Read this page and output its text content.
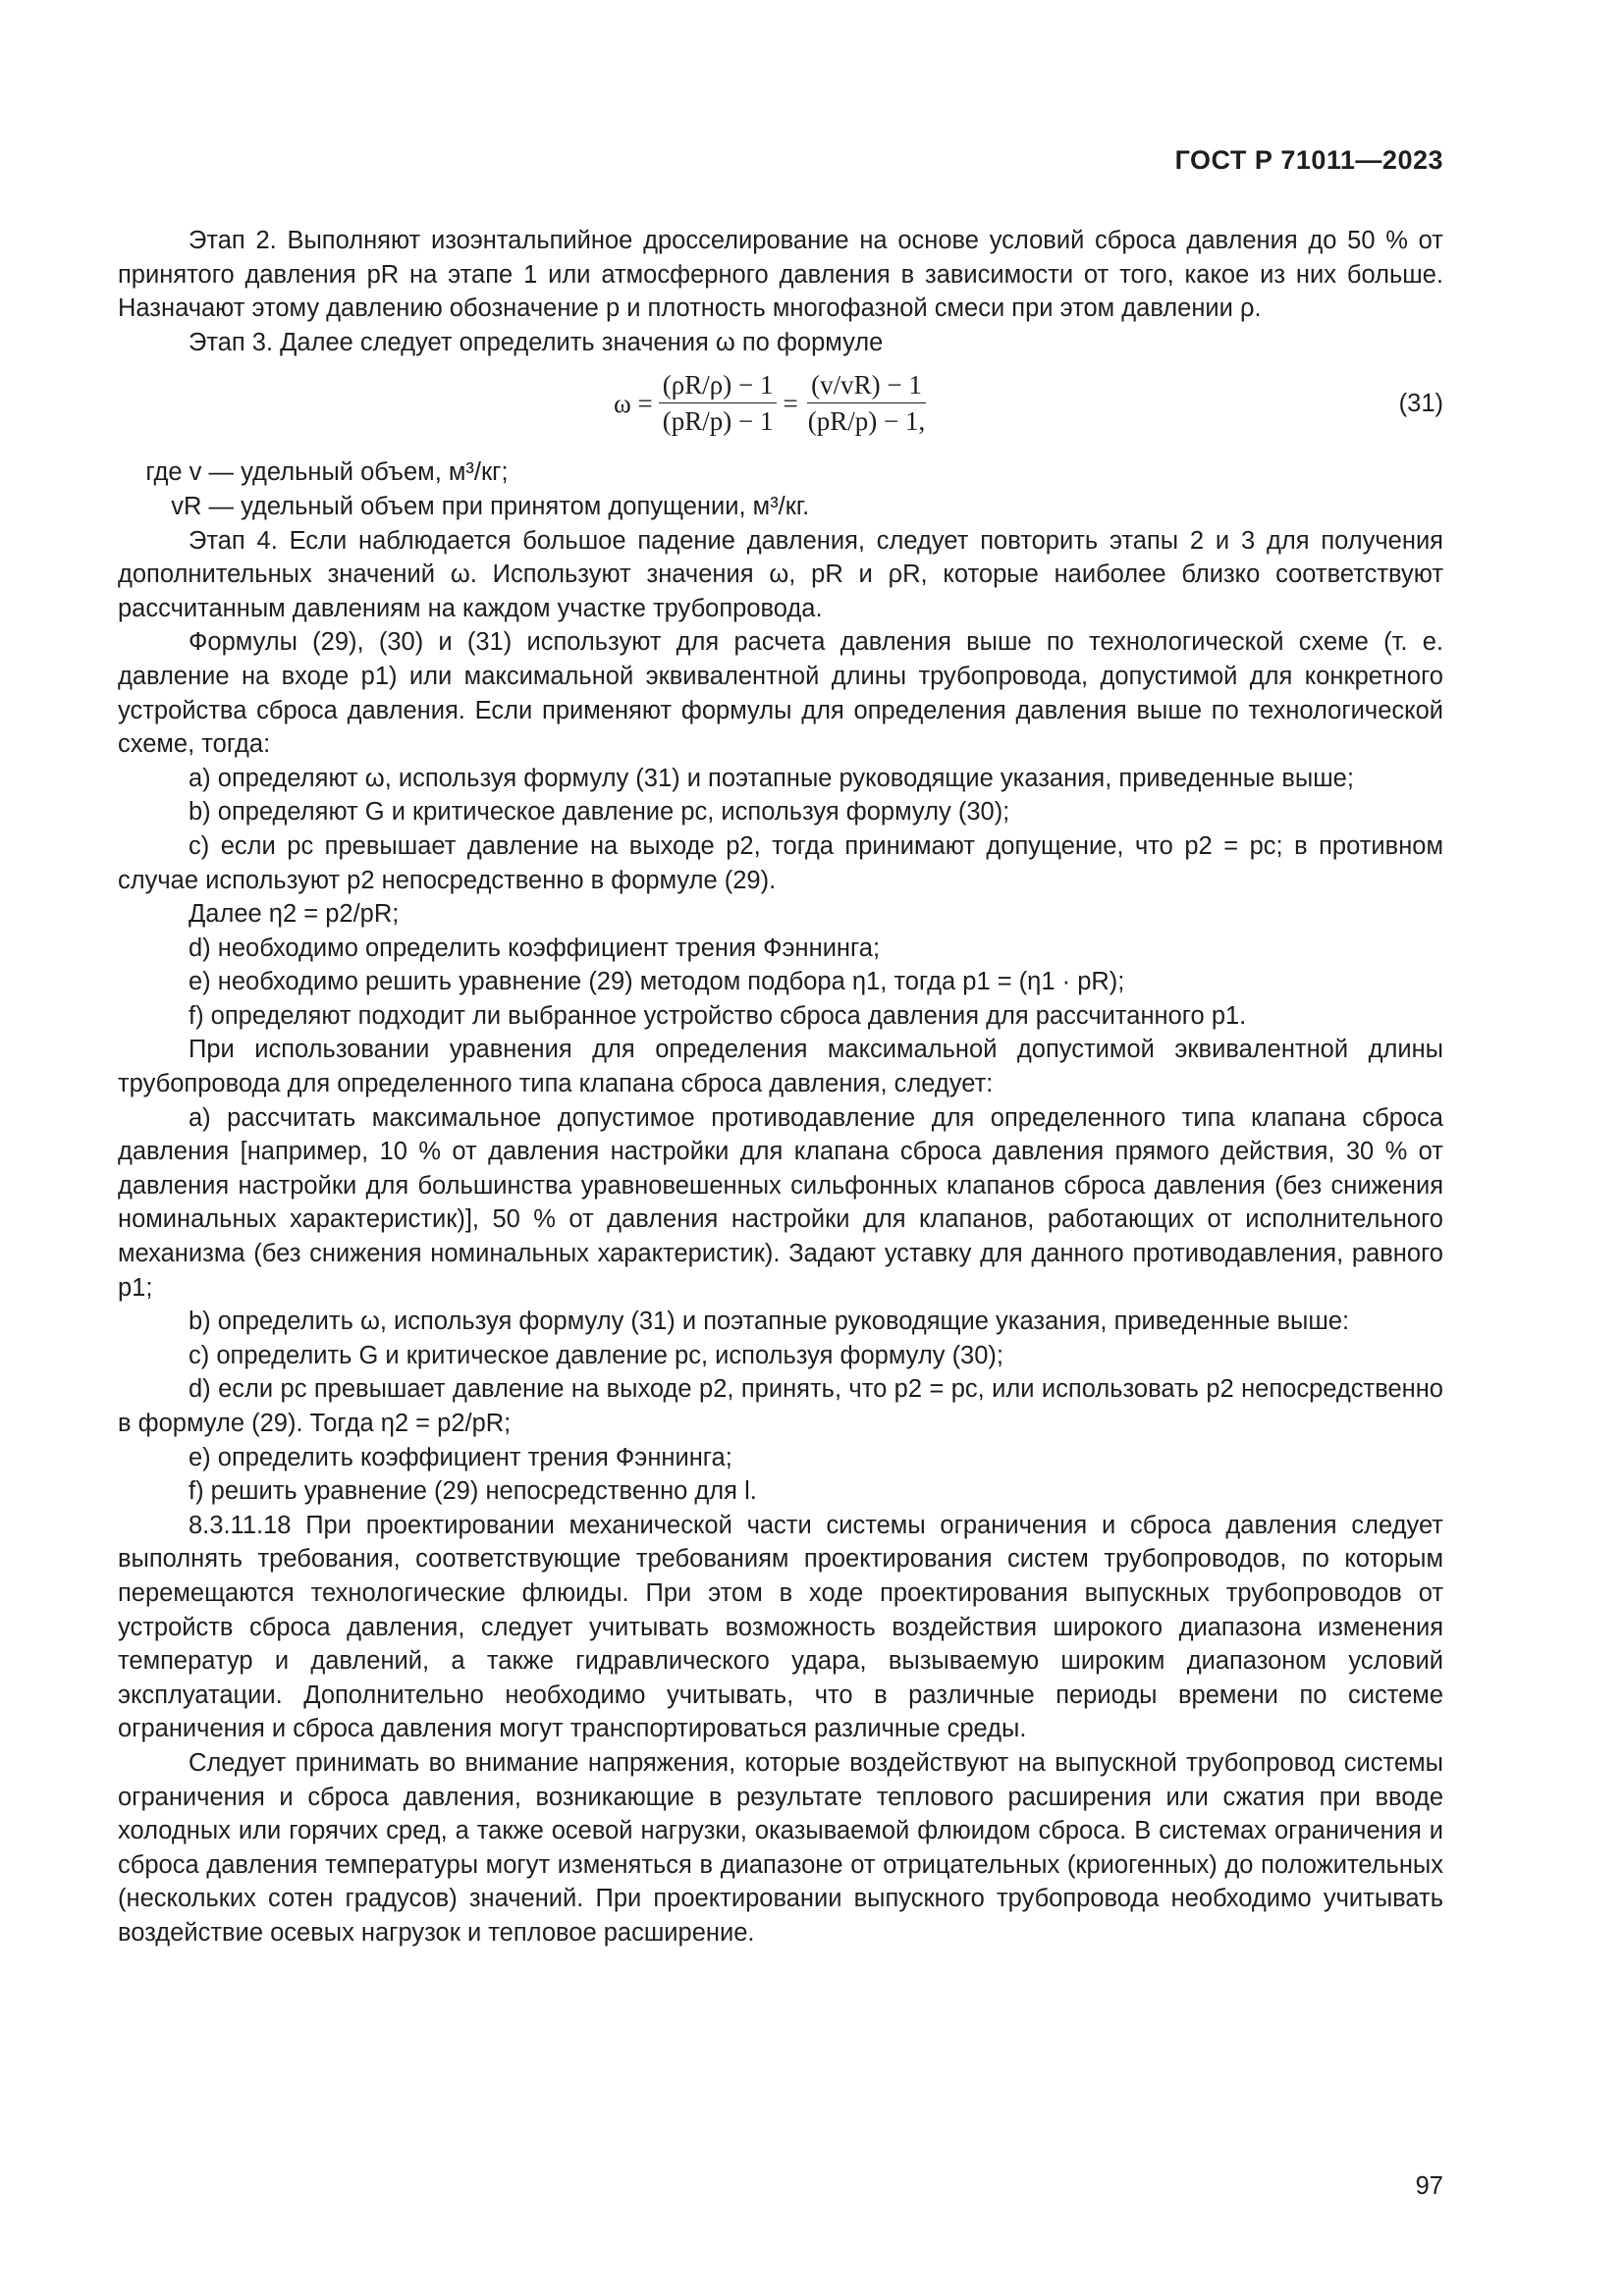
ГОСТ Р 71011—2023

Этап 2. Выполняют изоэнтальпийное дросселирование на основе условий сброса давления до 50 % от принятого давления pR на этапе 1 или атмосферного давления в зависимости от того, какое из них больше. Назначают этому давлению обозначение p и плотность многофазной смеси при этом давлении ρ.

Этап 3. Далее следует определить значения ω по формуле

$\omega = \frac{(\rho R/\rho) - 1}{(pR/p) - 1} = \frac{(v/vR) - 1}{(pR/p) - 1,}$	(31)

где v — удельный объем, м³/кг;

vR — удельный объем при принятом допущении, м³/кг.

Этап 4. Если наблюдается большое падение давления, следует повторить этапы 2 и 3 для получения дополнительных значений ω. Используют значения ω, pR и ρR, которые наиболее близко соответствуют рассчитанным давлениям на каждом участке трубопровода.

Формулы (29), (30) и (31) используют для расчета давления выше по технологической схеме (т. е. давление на входе p1) или максимальной эквивалентной длины трубопровода, допустимой для конкретного устройства сброса давления. Если применяют формулы для определения давления выше по технологической схеме, тогда:

a) определяют ω, используя формулу (31) и поэтапные руководящие указания, приведенные выше;

b) определяют G и критическое давление pc, используя формулу (30);

c) если pc превышает давление на выходе p2, тогда принимают допущение, что p2 = pc; в противном случае используют p2 непосредственно в формуле (29).

Далее η2 = p2/pR;

d) необходимо определить коэффициент трения Фэннинга;

e) необходимо решить уравнение (29) методом подбора η1, тогда p1 = (η1 · pR);

f) определяют подходит ли выбранное устройство сброса давления для рассчитанного p1.

При использовании уравнения для определения максимальной допустимой эквивалентной длины трубопровода для определенного типа клапана сброса давления, следует:

a) рассчитать максимальное допустимое противодавление для определенного типа клапана сброса давления [например, 10 % от давления настройки для клапана сброса давления прямого действия, 30 % от давления настройки для большинства уравновешенных сильфонных клапанов сброса давления (без снижения номинальных характеристик)], 50 % от давления настройки для клапанов, работающих от исполнительного механизма (без снижения номинальных характеристик). Задают уставку для данного противодавления, равного p1;

b) определить ω, используя формулу (31) и поэтапные руководящие указания, приведенные выше:

c) определить G и критическое давление pc, используя формулу (30);

d) если pc превышает давление на выходе p2, принять, что p2 = pc, или использовать p2 непосредственно в формуле (29). Тогда η2 = p2/pR;

e) определить коэффициент трения Фэннинга;

f) решить уравнение (29) непосредственно для l.

8.3.11.18 При проектировании механической части системы ограничения и сброса давления следует выполнять требования, соответствующие требованиям проектирования систем трубопроводов, по которым перемещаются технологические флюиды. При этом в ходе проектирования выпускных трубопроводов от устройств сброса давления, следует учитывать возможность воздействия широкого диапазона изменения температур и давлений, а также гидравлического удара, вызываемую широким диапазоном условий эксплуатации. Дополнительно необходимо учитывать, что в различные периоды времени по системе ограничения и сброса давления могут транспортироваться различные среды.

Следует принимать во внимание напряжения, которые воздействуют на выпускной трубопровод системы ограничения и сброса давления, возникающие в результате теплового расширения или сжатия при вводе холодных или горячих сред, а также осевой нагрузки, оказываемой флюидом сброса. В системах ограничения и сброса давления температуры могут изменяться в диапазоне от отрицательных (криогенных) до положительных (нескольких сотен градусов) значений. При проектировании выпускного трубопровода необходимо учитывать воздействие осевых нагрузок и тепловое расширение.

97
